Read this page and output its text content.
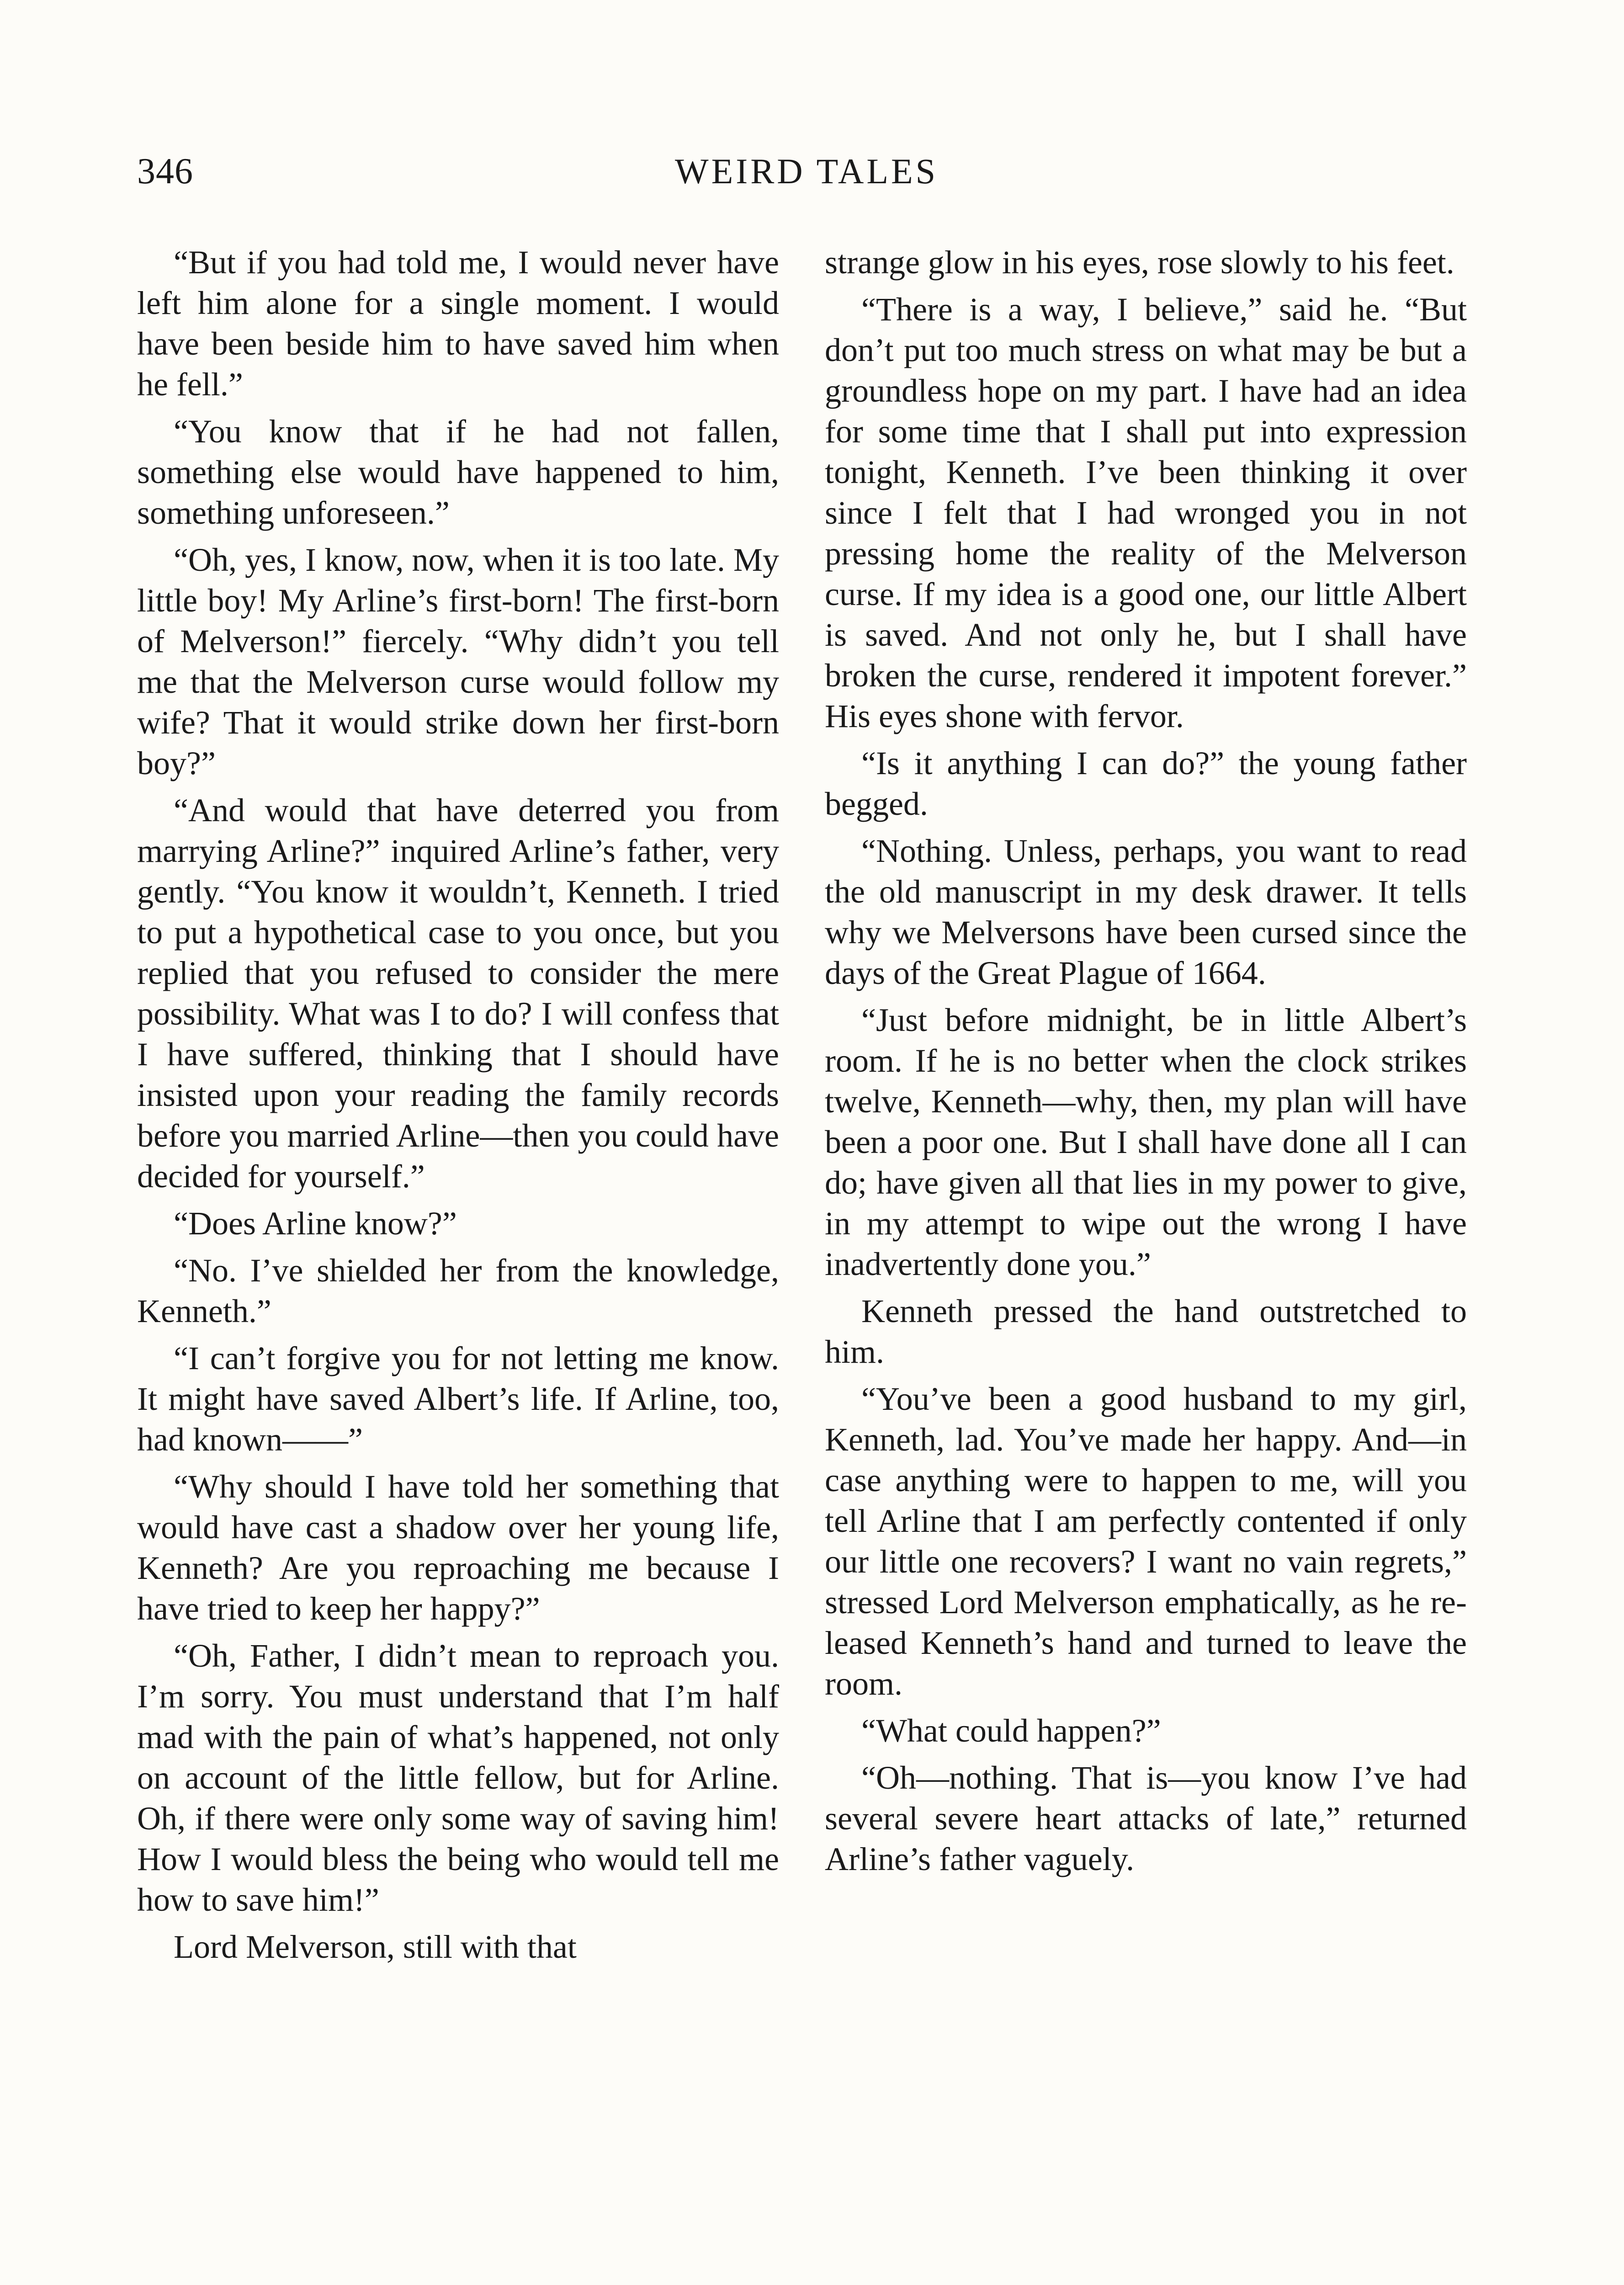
346	WEIRD TALES

“But if you had told me, I would never have left him alone for a single moment. I would have been beside him to have saved him when he fell.”

“You know that if he had not fallen, something else would have happened to him, something unforeseen.”

“Oh, yes, I know, now, when it is too late. My little boy! My Arline’s first-born! The first-born of Melverson!” fiercely. “Why didn’t you tell me that the Melverson curse would follow my wife? That it would strike down her first-born boy?”

“And would that have deterred you from marrying Arline?” inquired Arline’s father, very gently. “You know it wouldn’t, Kenneth. I tried to put a hypothetical case to you once, but you replied that you refused to consider the mere possibility. What was I to do? I will confess that I have suffered, thinking that I should have insisted upon your reading the family records before you married Arline—then you could have decided for yourself.”

“Does Arline know?”

“No. I’ve shielded her from the knowledge, Kenneth.”

“I can’t forgive you for not letting me know. It might have saved Albert’s life. If Arline, too, had known——”

“Why should I have told her something that would have cast a shadow over her young life, Kenneth? Are you reproaching me because I have tried to keep her happy?”

“Oh, Father, I didn’t mean to reproach you. I’m sorry. You must understand that I’m half mad with the pain of what’s happened, not only on account of the little fellow, but for Arline. Oh, if there were only some way of saving him! How I would bless the being who would tell me how to save him!”

Lord Melverson, still with that

strange glow in his eyes, rose slowly to his feet.

“There is a way, I believe,” said he. “But don’t put too much stress on what may be but a groundless hope on my part. I have had an idea for some time that I shall put into expression tonight, Kenneth. I’ve been thinking it over since I felt that I had wronged you in not pressing home the reality of the Melverson curse. If my idea is a good one, our little Albert is saved. And not only he, but I shall have broken the curse, rendered it impotent forever.” His eyes shone with fervor.

“Is it anything I can do?” the young father begged.

“Nothing. Unless, perhaps, you want to read the old manuscript in my desk drawer. It tells why we Melversons have been cursed since the days of the Great Plague of 1664.

“Just before midnight, be in little Albert’s room. If he is no better when the clock strikes twelve, Kenneth—why, then, my plan will have been a poor one. But I shall have done all I can do; have given all that lies in my power to give, in my attempt to wipe out the wrong I have inadvertently done you.”

Kenneth pressed the hand outstretched to him.

“You’ve been a good husband to my girl, Kenneth, lad. You’ve made her happy. And—in case anything were to happen to me, will you tell Arline that I am perfectly contented if only our little one recovers? I want no vain regrets,” stressed Lord Melverson emphatically, as he released Kenneth’s hand and turned to leave the room.

“What could happen?”

“Oh—nothing. That is—you know I’ve had several severe heart attacks of late,” returned Arline’s father vaguely.
